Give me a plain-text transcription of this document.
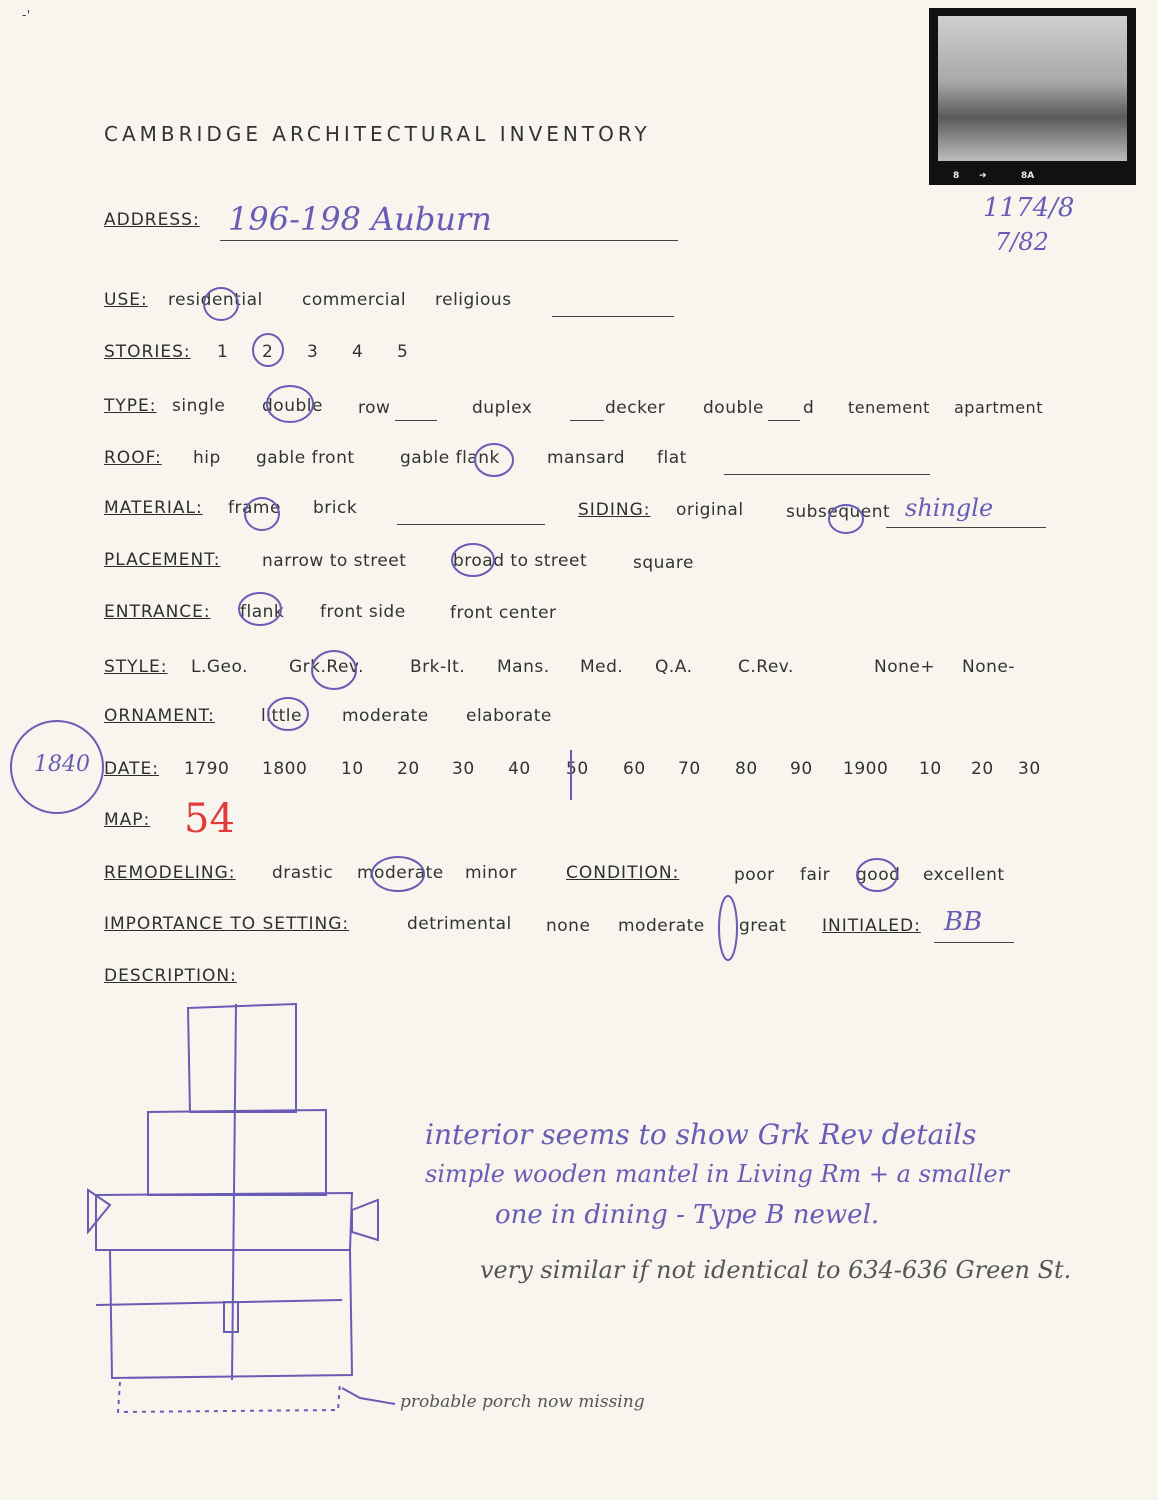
-'
8 ➜	8A
1174/8
7/82
CAMBRIDGE ARCHITECTURAL INVENTORY
ADDRESS: 196-198 Auburn
USE: residential commercial religious
STORIES: 1 2 3 4 5
TYPE: single double row	duplex	decker double d tenement apartment
ROOF: hip gable front	gable flank	mansard flat
MATERIAL: frame brick	SIDING: original subsequent shingle
PLACEMENT: narrow to street	broad to street	square
ENTRANCE: flank front side	front center
STYLE: L.Geo. Grk.Rev.	Brk-It. Mans. Med. Q.A.	C.Rev.	None+ None-
ORNAMENT:	little moderate elaborate
1840 DATE: 1790 1800 10 20 30 40 50 60 70 80 90 1900 10 20 30
MAP: 54
REMODELING: drastic moderate minor	CONDITION:	poor fair good excellent
IMPORTANCE TO SETTING:	detrimental none moderate great INITIALED: BB
DESCRIPTION:
interior seems to show Grk Rev details
simple wooden mantel in Living Rm + a smaller
one in dining - Type B newel.
very similar if not identical to 634-636 Green St.
probable porch now missing
